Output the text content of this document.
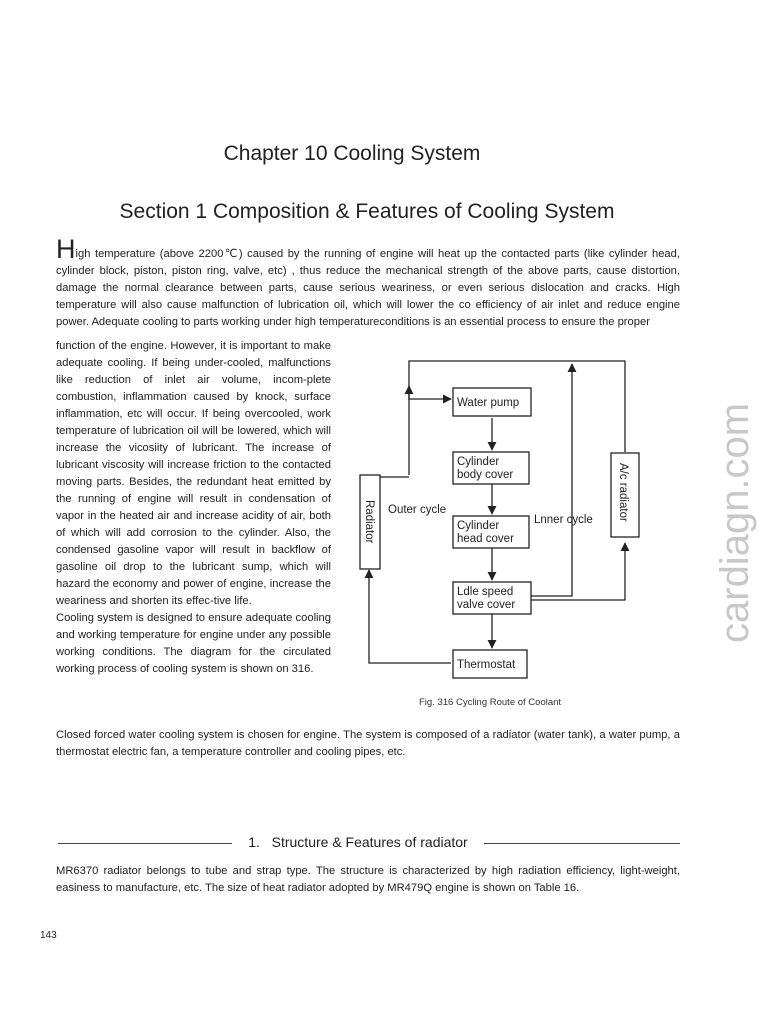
Chapter 10 Cooling System
Section 1 Composition & Features of Cooling System

High temperature (above 2200℃) caused by the running of engine will heat up the contacted parts (like cylinder head, cylinder block, piston, piston ring, valve, etc) , thus reduce the mechanical strength of the above parts, cause distortion, damage the normal clearance between parts, cause serious weariness, or even serious dislocation and cracks. High temperature will also cause malfunction of lubrication oil, which will lower the co efficiency of air inlet and reduce engine power. Adequate cooling to parts working under high temperatureconditions is an essential process to ensure the proper

function of the engine. However, it is important to make adequate cooling. If being under-cooled, malfunctions like reduction of inlet air volume, incom-plete combustion, inflammation caused by knock, surface inflammation, etc will occur. If being overcooled, work temperature of lubrication oil will be lowered, which will increase the vicosiity of lubricant. The increase of lubricant viscosity will increase friction to the contacted moving parts. Besides, the redundant heat emitted by the running of engine will result in condensation of vapor in the heated air and increase acidity of air, both of which will add corrosion to the cylinder. Also, the condensed gasoline vapor will result in backflow of gasoline oil drop to the lubricant sump, which will hazard the economy and power of engine, increase the weariness and shorten its effec-tive life.

Cooling system is designed to ensure adequate cooling and working temperature for engine under any possible working conditions. The diagram for the circulated working process of cooling system is shown on 316.

Radiator	A/c radiator
Water pump
Cylinder
body cover
Cylinder
head cover
Ldle speed
valve cover
Thermostat
Outer cycle
Lnner cycle
Fig. 316 Cycling Route of Coolant

Closed forced water cooling system is chosen for engine. The system is composed of a radiator (water tank), a water pump, a thermostat electric fan, a temperature controller and cooling pipes, etc.

1. Structure & Features of radiator

MR6370 radiator belongs to tube and strap type. The structure is characterized by high radiation efficiency, light-weight, easiness to manufacture, etc. The size of heat radiator adopted by MR479Q engine is shown on Table 16.

143
cardiagn.com
